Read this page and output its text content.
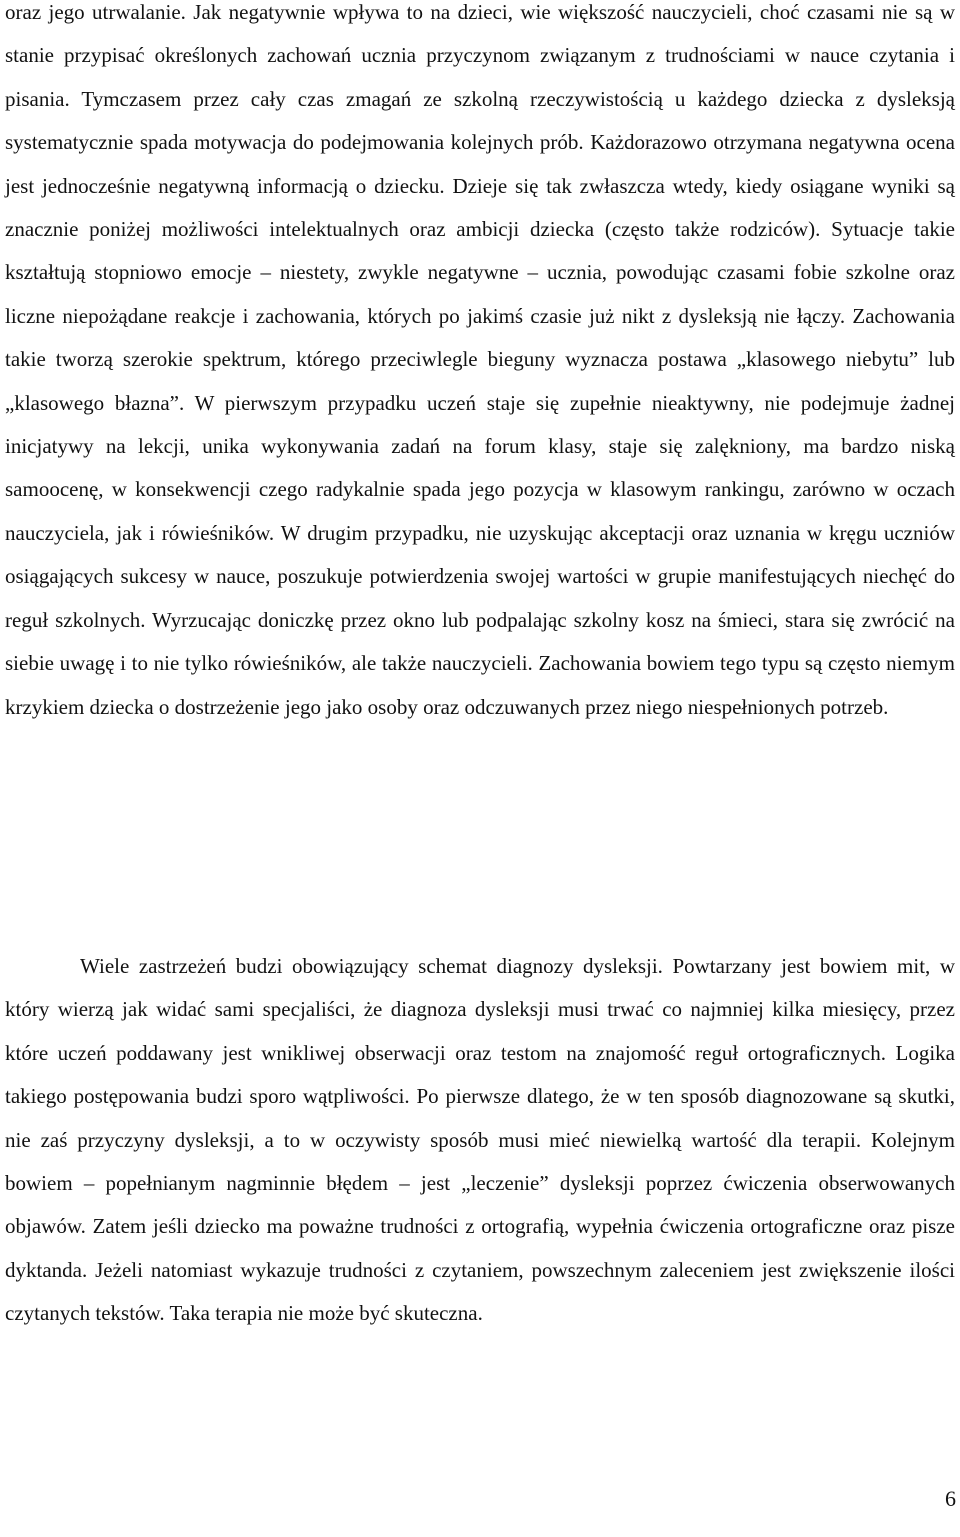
oraz jego utrwalanie. Jak negatywnie wpływa to na dzieci, wie większość nauczycieli, choć czasami nie są w stanie przypisać określonych zachowań ucznia przyczynom związanym z trudnościami w nauce czytania i pisania. Tymczasem przez cały czas zmagań ze szkolną rzeczywistością u każdego dziecka z dysleksją systematycznie spada motywacja do podejmowania kolejnych prób. Każdorazowo otrzymana negatywna ocena jest jednocześnie negatywną informacją o dziecku. Dzieje się tak zwłaszcza wtedy, kiedy osiągane wyniki są znacznie poniżej możliwości intelektualnych oraz ambicji dziecka (często także rodziców). Sytuacje takie kształtują stopniowo emocje – niestety, zwykle negatywne – ucznia, powodując czasami fobie szkolne oraz liczne niepożądane reakcje i zachowania, których po jakimś czasie już nikt z dysleksją nie łączy. Zachowania takie tworzą szerokie spektrum, którego przeciwlegle bieguny wyznacza postawa „klasowego niebytu” lub „klasowego błazna”. W pierwszym przypadku uczeń staje się zupełnie nieaktywny, nie podejmuje żadnej inicjatywy na lekcji, unika wykonywania zadań na forum klasy, staje się zalękniony, ma bardzo niską samoocenę, w konsekwencji czego radykalnie spada jego pozycja w klasowym rankingu, zarówno w oczach nauczyciela, jak i rówieśników. W drugim przypadku, nie uzyskując akceptacji oraz uznania w kręgu uczniów osiągających sukcesy w nauce, poszukuje potwierdzenia swojej wartości w grupie manifestujących niechęć do reguł szkolnych. Wyrzucając doniczkę przez okno lub podpalając szkolny kosz na śmieci, stara się zwrócić na siebie uwagę i to nie tylko rówieśników, ale także nauczycieli. Zachowania bowiem tego typu są często niemym krzykiem dziecka o dostrzeżenie jego jako osoby oraz odczuwanych przez niego niespełnionych potrzeb.

Wiele zastrzeżeń budzi obowiązujący schemat diagnozy dysleksji. Powtarzany jest bowiem mit, w który wierzą jak widać sami specjaliści, że diagnoza dysleksji musi trwać co najmniej kilka miesięcy, przez które uczeń poddawany jest wnikliwej obserwacji oraz testom na znajomość reguł ortograficznych. Logika takiego postępowania budzi sporo wątpliwości. Po pierwsze dlatego, że w ten sposób diagnozowane są skutki, nie zaś przyczyny dysleksji, a to w oczywisty sposób musi mieć niewielką wartość dla terapii. Kolejnym bowiem – popełnianym nagminnie błędem – jest „leczenie” dysleksji poprzez ćwiczenia obserwowanych objawów. Zatem jeśli dziecko ma poważne trudności z ortografią, wypełnia ćwiczenia ortograficzne oraz pisze dyktanda. Jeżeli natomiast wykazuje trudności z czytaniem, powszechnym zaleceniem jest zwiększenie ilości czytanych tekstów. Taka terapia nie może być skuteczna.

6
